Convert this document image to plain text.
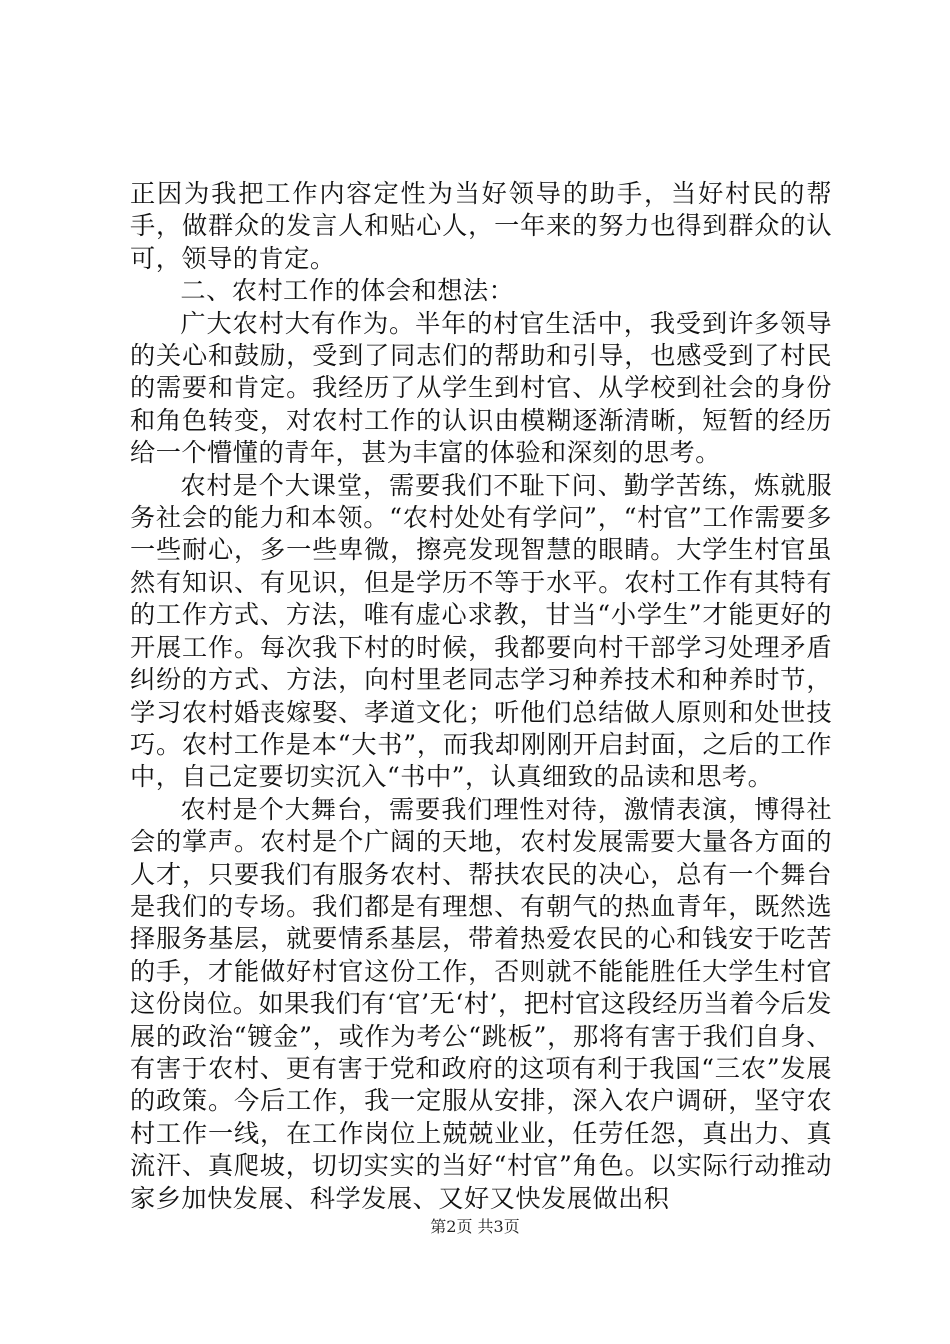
正因为我把工作内容定性为当好领导的助手，当好村民的帮手，做群众的发言人和贴心人，一年来的努力也得到群众的认可，领导的肯定。

二、农村工作的体会和想法：

广大农村大有作为。半年的村官生活中，我受到许多领导的关心和鼓励，受到了同志们的帮助和引导，也感受到了村民的需要和肯定。我经历了从学生到村官、从学校到社会的身份和角色转变，对农村工作的认识由模糊逐渐清晰，短暂的经历给一个懵懂的青年，甚为丰富的体验和深刻的思考。

农村是个大课堂，需要我们不耻下问、勤学苦练，炼就服务社会的能力和本领。“农村处处有学问”，“村官”工作需要多一些耐心，多一些卑微，擦亮发现智慧的眼睛。大学生村官虽然有知识、有见识，但是学历不等于水平。农村工作有其特有的工作方式、方法，唯有虚心求教，甘当“小学生”才能更好的开展工作。每次我下村的时候，我都要向村干部学习处理矛盾纠纷的方式、方法，向村里老同志学习种养技术和种养时节，学习农村婚丧嫁娶、孝道文化；听他们总结做人原则和处世技巧。农村工作是本“大书”，而我却刚刚开启封面，之后的工作中，自己定要切实沉入“书中”，认真细致的品读和思考。

农村是个大舞台，需要我们理性对待，激情表演，博得社会的掌声。农村是个广阔的天地，农村发展需要大量各方面的人才，只要我们有服务农村、帮扶农民的决心，总有一个舞台是我们的专场。我们都是有理想、有朝气的热血青年，既然选择服务基层，就要情系基层，带着热爱农民的心和钱安于吃苦的手，才能做好村官这份工作，否则就不能能胜任大学生村官这份岗位。如果我们有‘官’无‘村’，把村官这段经历当着今后发展的政治“镀金”，或作为考公“跳板”，那将有害于我们自身、有害于农村、更有害于党和政府的这项有利于我国“三农”发展的政策。今后工作，我一定服从安排，深入农户调研，坚守农村工作一线，在工作岗位上兢兢业业，任劳任怨，真出力、真流汗、真爬坡，切切实实的当好“村官”角色。以实际行动推动家乡加快发展、科学发展、又好又快发展做出积

第2页 共3页
